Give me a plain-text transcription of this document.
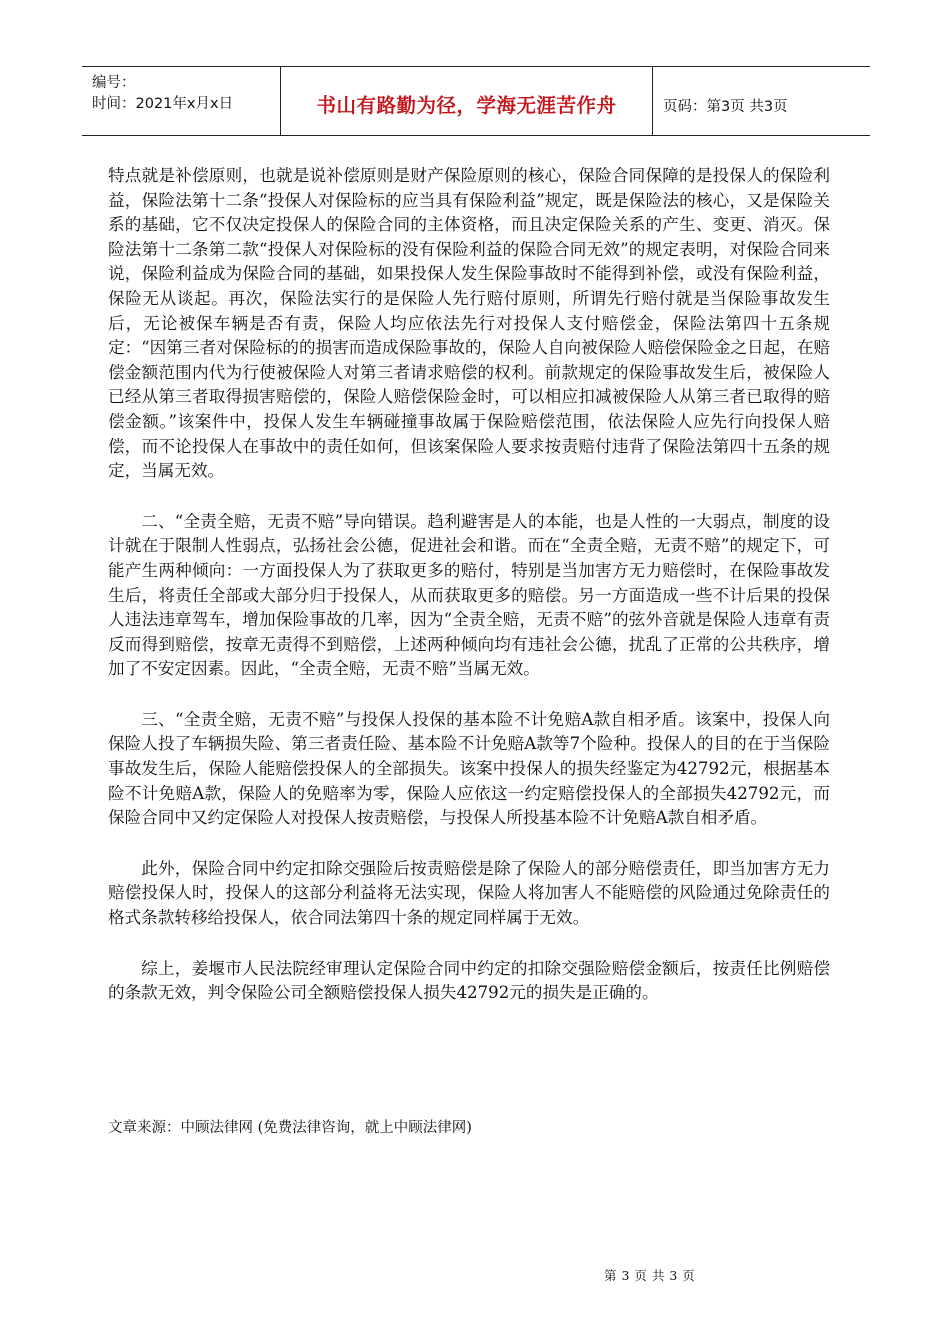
编号：
时间：2021年x月x日	书山有路勤为径，学海无涯苦作舟	页码：第3页 共3页

特点就是补偿原则，也就是说补偿原则是财产保险原则的核心，保险合同保障的是投保人的保险利益，保险法第十二条“投保人对保险标的应当具有保险利益”规定，既是保险法的核心，又是保险关系的基础，它不仅决定投保人的保险合同的主体资格，而且决定保险关系的产生、变更、消灭。保险法第十二条第二款“投保人对保险标的没有保险利益的保险合同无效”的规定表明，对保险合同来说，保险利益成为保险合同的基础，如果投保人发生保险事故时不能得到补偿，或没有保险利益，保险无从谈起。再次，保险法实行的是保险人先行赔付原则，所谓先行赔付就是当保险事故发生后，无论被保车辆是否有责，保险人均应依法先行对投保人支付赔偿金，保险法第四十五条规定：“因第三者对保险标的的损害而造成保险事故的，保险人自向被保险人赔偿保险金之日起，在赔偿金额范围内代为行使被保险人对第三者请求赔偿的权利。前款规定的保险事故发生后，被保险人已经从第三者取得损害赔偿的，保险人赔偿保险金时，可以相应扣减被保险人从第三者已取得的赔偿金额。”该案件中，投保人发生车辆碰撞事故属于保险赔偿范围，依法保险人应先行向投保人赔偿，而不论投保人在事故中的责任如何，但该案保险人要求按责赔付违背了保险法第四十五条的规定，当属无效。

二、“全责全赔，无责不赔”导向错误。趋利避害是人的本能，也是人性的一大弱点，制度的设计就在于限制人性弱点，弘扬社会公德，促进社会和谐。而在“全责全赔，无责不赔”的规定下，可能产生两种倾向：一方面投保人为了获取更多的赔付，特别是当加害方无力赔偿时，在保险事故发生后，将责任全部或大部分归于投保人，从而获取更多的赔偿。另一方面造成一些不计后果的投保人违法违章驾车，增加保险事故的几率，因为“全责全赔，无责不赔”的弦外音就是保险人违章有责反而得到赔偿，按章无责得不到赔偿，上述两种倾向均有违社会公德，扰乱了正常的公共秩序，增加了不安定因素。因此，“全责全赔，无责不赔”当属无效。

三、“全责全赔，无责不赔”与投保人投保的基本险不计免赔A款自相矛盾。该案中，投保人向保险人投了车辆损失险、第三者责任险、基本险不计免赔A款等7个险种。投保人的目的在于当保险事故发生后，保险人能赔偿投保人的全部损失。该案中投保人的损失经鉴定为42792元，根据基本险不计免赔A款，保险人的免赔率为零，保险人应依这一约定赔偿投保人的全部损失42792元，而保险合同中又约定保险人对投保人按责赔偿，与投保人所投基本险不计免赔A款自相矛盾。

此外，保险合同中约定扣除交强险后按责赔偿是除了保险人的部分赔偿责任，即当加害方无力赔偿投保人时，投保人的这部分利益将无法实现，保险人将加害人不能赔偿的风险通过免除责任的格式条款转移给投保人，依合同法第四十条的规定同样属于无效。

综上，姜堰市人民法院经审理认定保险合同中约定的扣除交强险赔偿金额后，按责任比例赔偿的条款无效，判令保险公司全额赔偿投保人损失42792元的损失是正确的。

文章来源：中顾法律网 (免费法律咨询，就上中顾法律网)
第 3 页 共 3 页
